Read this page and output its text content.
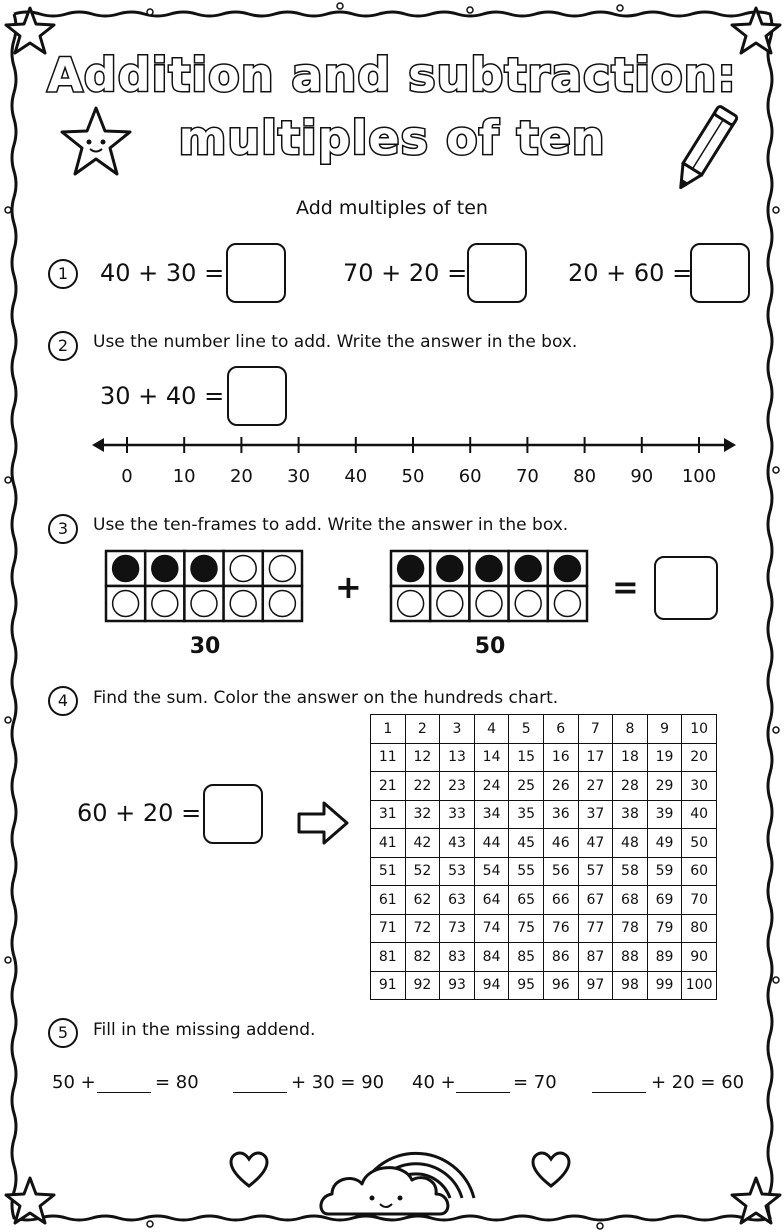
Addition and subtraction:
multiples of ten
Add multiples of ten
1	40 + 30 =	70 + 20 =	20 + 60 =
2	Use the number line to add. Write the answer in the box.
30 + 40 =
0	10	20	30	40	50	60	70	80	90	100
3	Use the ten-frames to add. Write the answer in the box.
30
+
50
=
4	Find the sum. Color the answer on the hundreds chart.
60 + 20 =
1	2	3	4	5	6	7	8	9	10
11	12	13	14	15	16	17	18	19	20
21	22	23	24	25	26	27	28	29	30
31	32	33	34	35	36	37	38	39	40
41	42	43	44	45	46	47	48	49	50
51	52	53	54	55	56	57	58	59	60
61	62	63	64	65	66	67	68	69	70
71	72	73	74	75	76	77	78	79	80
81	82	83	84	85	86	87	88	89	90
91	92	93	94	95	96	97	98	99	100
5	Fill in the missing addend.
50 +	= 80	+ 30 = 90 40 +	= 70	+ 20 = 60
